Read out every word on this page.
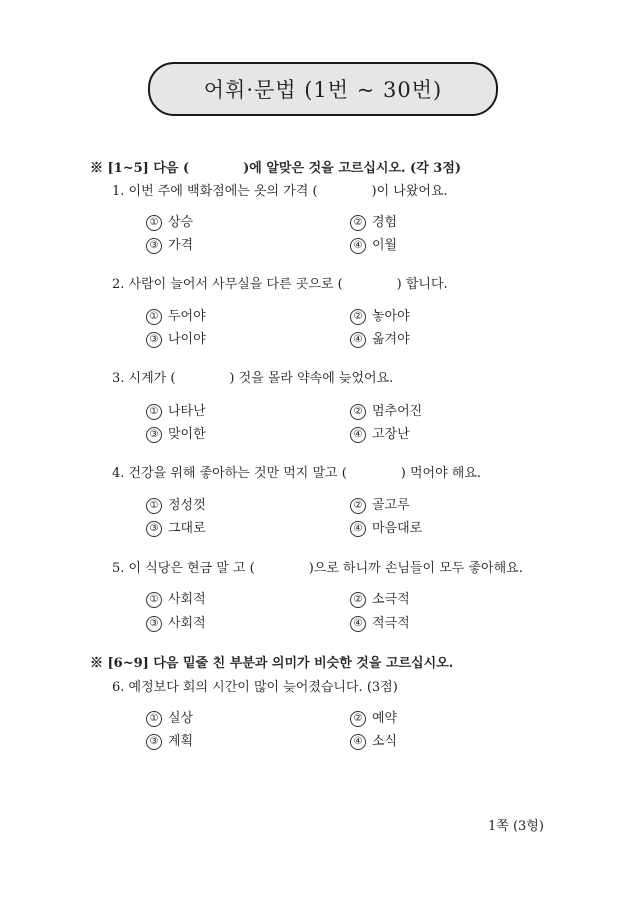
어휘·문법 (1번 ~ 30번)
※ [1~5] 다음 (	)에 알맞은 것을 고르십시오. (각 3점)
1. 이번 주에 백화점에는 옷의 가격 (	)이 나왔어요.
① 상승	② 경험
③ 가격	④ 이월
2. 사람이 늘어서 사무실을 다른 곳으로 (	) 합니다.
① 두어야	② 놓아야
③ 나이야	④ 옮겨야
3. 시계가 (	) 것을 몰라 약속에 늦었어요.
① 나타난	② 멈추어진
③ 맞이한	④ 고장난
4. 건강을 위해 좋아하는 것만 먹지 말고 (	) 먹어야 해요.
① 정성껏	② 골고루
③ 그대로	④ 마음대로
5. 이 식당은 현금 말 고 (	)으로 하니까 손님들이 모두 좋아해요.
① 사회적	② 소극적
③ 사회적	④ 적극적
※ [6~9] 다음 밑줄 친 부분과 의미가 비슷한 것을 고르십시오.
6. 예정보다 회의 시간이 많이 늦어졌습니다. (3점)
① 실상	② 예약
③ 계획	④ 소식
1쪽 (3형)
